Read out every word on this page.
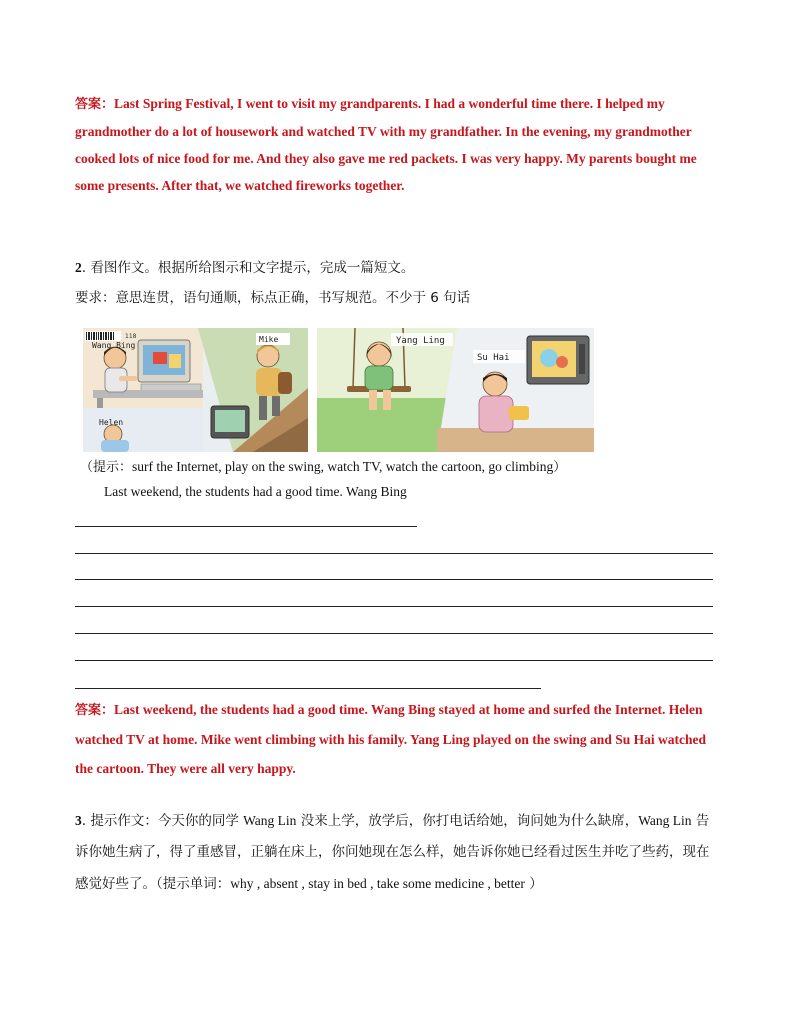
答案：Last Spring Festival, I went to visit my grandparents. I had a wonderful time there. I helped my grandmother do a lot of housework and watched TV with my grandfather. In the evening, my grandmother cooked lots of nice food for me. And they also gave me red packets. I was very happy. My parents bought me some presents. After that, we watched fireworks together.
2. 看图作文。根据所给图示和文字提示，完成一篇短文。
要求：意思连贯，语句通顺，标点正确，书写规范。不少于 6 句话
118
Wang Bing
Helen
Mike	Yang Ling
Su Hai
（提示：surf the Internet, play on the swing, watch TV, watch the cartoon, go climbing）
Last weekend, the students had a good time. Wang Bing
答案：Last weekend, the students had a good time. Wang Bing stayed at home and surfed the Internet. Helen watched TV at home. Mike went climbing with his family. Yang Ling played on the swing and Su Hai watched the cartoon. They were all very happy.
3. 提示作文：今天你的同学 Wang Lin 没来上学，放学后，你打电话给她，询问她为什么缺席，Wang Lin 告诉你她生病了，得了重感冒，正躺在床上，你问她现在怎么样，她告诉你她已经看过医生并吃了些药，现在感觉好些了。（提示单词：why , absent , stay in bed , take some medicine , better ）
